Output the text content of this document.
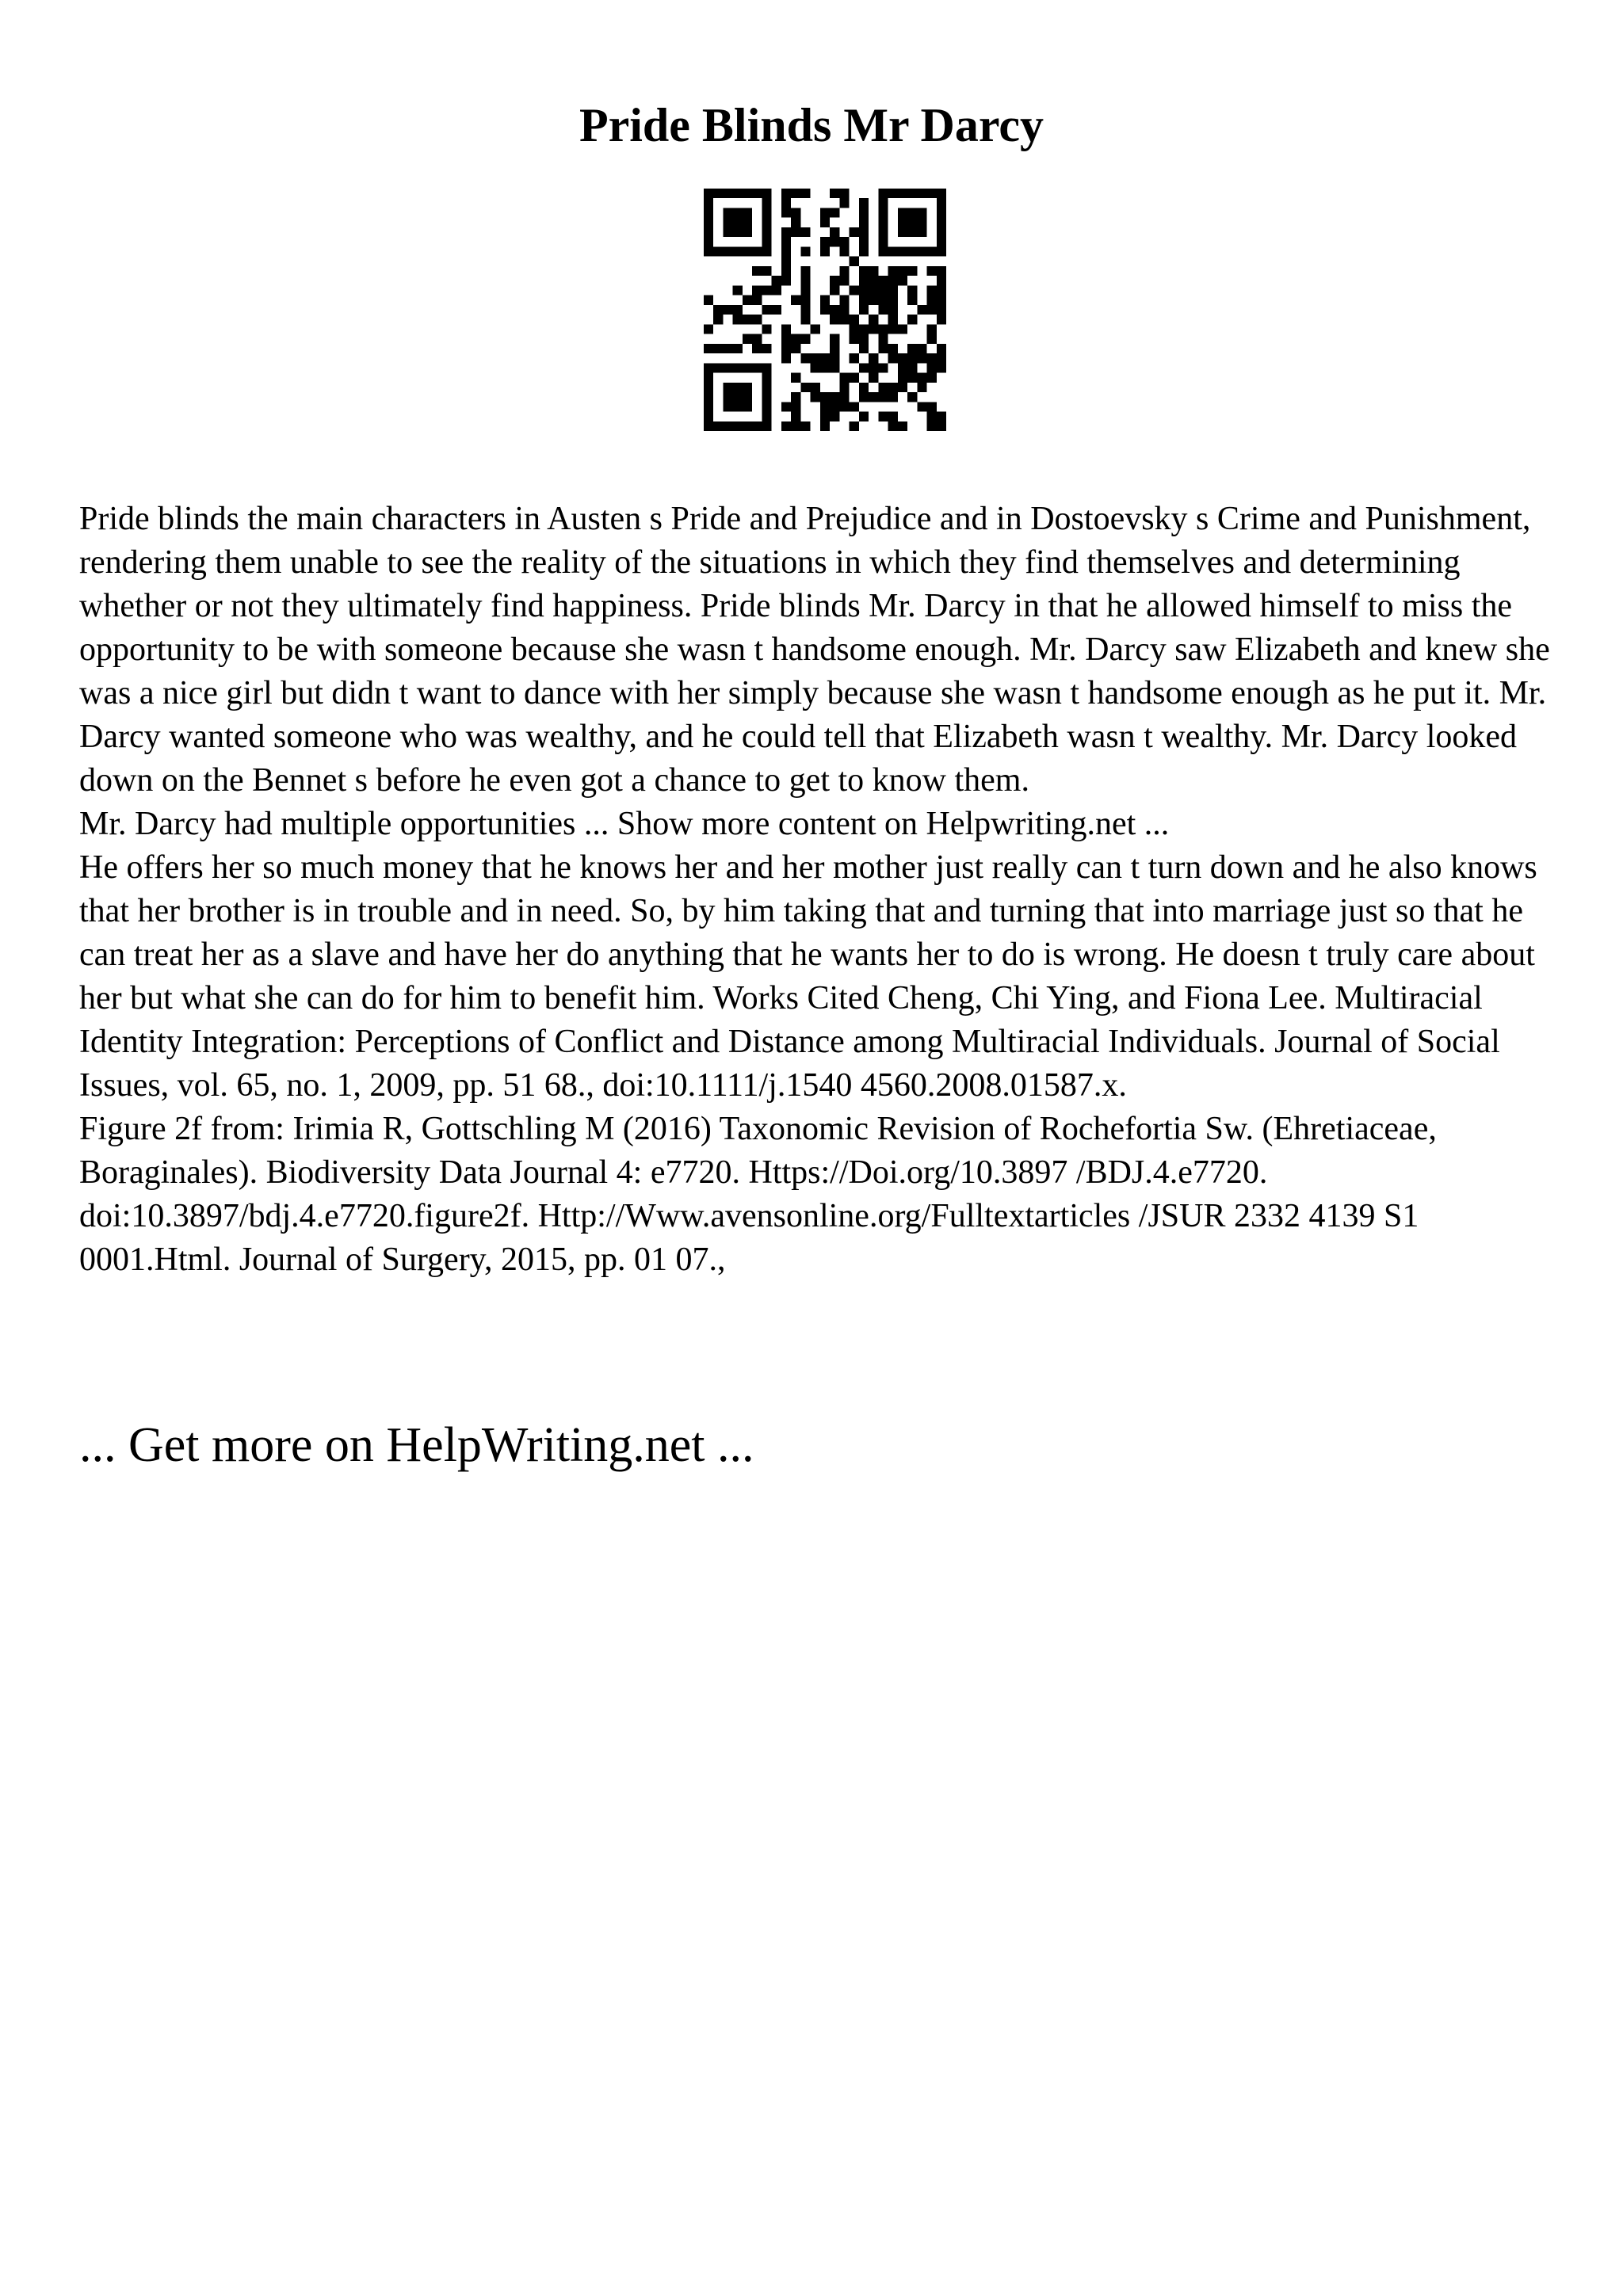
Pride Blinds Mr Darcy

Pride blinds the main characters in Austen s Pride and Prejudice and in Dostoevsky s Crime and Punishment, rendering them unable to see the reality of the situations in which they find themselves and determining whether or not they ultimately find happiness. Pride blinds Mr. Darcy in that he allowed himself to miss the opportunity to be with someone because she wasn t handsome enough. Mr. Darcy saw Elizabeth and knew she was a nice girl but didn t want to dance with her simply because she wasn t handsome enough as he put it. Mr. Darcy wanted someone who was wealthy, and he could tell that Elizabeth wasn t wealthy. Mr. Darcy looked down on the Bennet s before he even got a chance to get to know them.

Mr. Darcy had multiple opportunities ... Show more content on Helpwriting.net ...

He offers her so much money that he knows her and her mother just really can t turn down and he also knows that her brother is in trouble and in need. So, by him taking that and turning that into marriage just so that he can treat her as a slave and have her do anything that he wants her to do is wrong. He doesn t truly care about her but what she can do for him to benefit him. Works Cited Cheng, Chi Ying, and Fiona Lee. Multiracial Identity Integration: Perceptions of Conflict and Distance among Multiracial Individuals. Journal of Social Issues, vol. 65, no. 1, 2009, pp. 51 68., doi:10.1111/j.1540 4560.2008.01587.x.

Figure 2f from: Irimia R, Gottschling M (2016) Taxonomic Revision of Rochefortia Sw. (Ehretiaceae, Boraginales). Biodiversity Data Journal 4: e7720. Https://Doi.org/10.3897 /BDJ.4.e7720. doi:10.3897/bdj.4.e7720.figure2f. Http://Www.avensonline.org/Fulltextarticles /JSUR 2332 4139 S1 0001.Html. Journal of Surgery, 2015, pp. 01 07.,

... Get more on HelpWriting.net ...
